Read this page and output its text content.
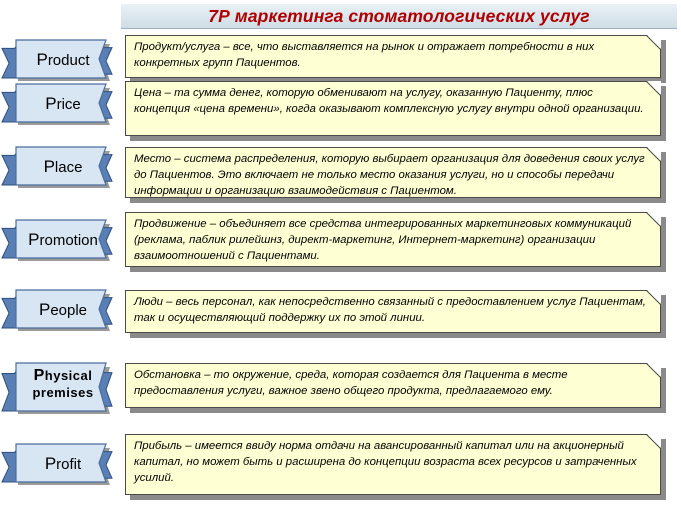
7Р маркетинга стоматологических услуг
Product
Продукт/услуга – все, что выставляется на рынок и отражает потребности в них конкретных групп Пациентов.
Price
Цена – та сумма денег, которую обменивают на услугу, оказанную Пациенту, плюс концепция «цена времени», когда оказывают комплексную услугу внутри одной организации.
Place	Место – система распределения, которую выбирает организация для доведения своих услуг до Пациентов. Это включает не только место оказания услуги, но и способы передачи информации и организацию взаимодействия с Пациентом.
Promotion
Продвижение – объединяет все средства интегрированных маркетинговых коммуникаций (реклама, паблик рилейшнз, директ-маркетинг, Интернет-маркетинг) организации взаимоотношений с Пациентами.
People	Люди – весь персонал, как непосредственно связанный с предоставлением услуг Пациентам, так и осуществляющий поддержку их по этой линии.
Physical
premises
Обстановка – то окружение, среда, которая создается для Пациента в месте предоставления услуги, важное звено общего продукта, предлагаемого ему.
Profit
Прибыль – имеется ввиду норма отдачи на авансированный капитал или на акционерный капитал, но может быть и расширена до концепции возраста всех ресурсов и затраченных усилий.
